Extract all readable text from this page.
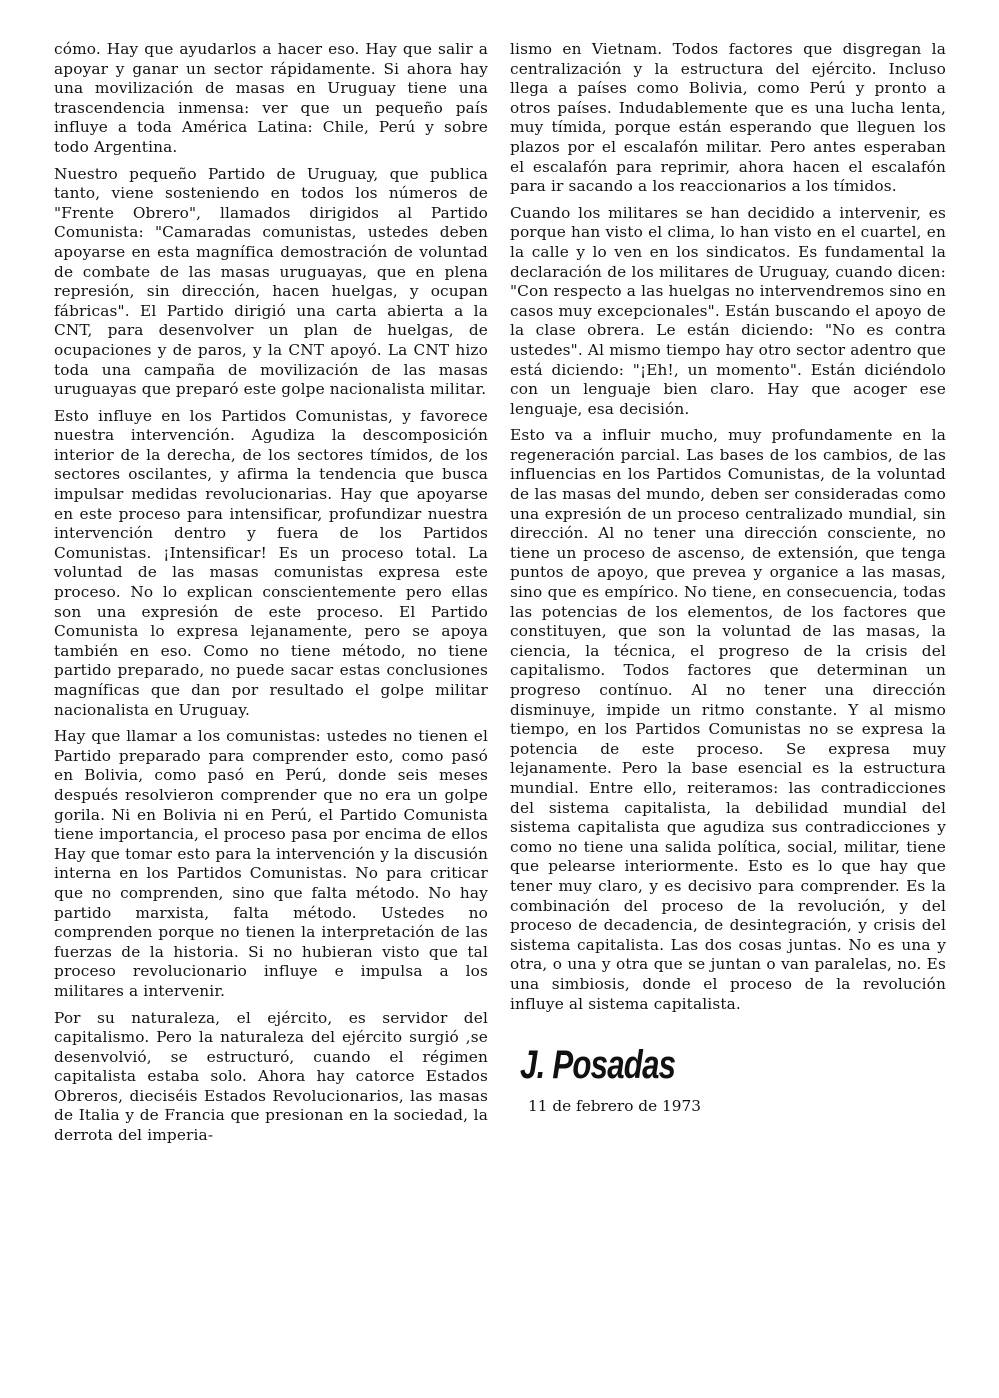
cómo. Hay que ayudarlos a hacer eso. Hay que salir a apoyar y ganar un sector rápidamente. Si ahora hay una movilización de masas en Uruguay tiene una trascendencia inmensa: ver que un pequeño país influye a toda América Latina: Chile, Perú y sobre todo Argentina.

Nuestro pequeño Partido de Uruguay, que publica tanto, viene sosteniendo en todos los números de "Frente Obrero", llamados dirigidos al Partido Comunista: "Camaradas comunistas, ustedes deben apoyarse en esta magnífica demostración de voluntad de combate de las masas uruguayas, que en plena represión, sin dirección, hacen huelgas, y ocupan fábricas". El Partido dirigió una carta abierta a la CNT, para desenvolver un plan de huelgas, de ocupaciones y de paros, y la CNT apoyó. La CNT hizo toda una campaña de movilización de las masas uruguayas que preparó este golpe nacionalista militar.

Esto influye en los Partidos Comunistas, y favorece nuestra intervención. Agudiza la descomposición interior de la derecha, de los sectores tímidos, de los sectores oscilantes, y afirma la tendencia que busca impulsar medidas revolucionarias. Hay que apoyarse en este proceso para intensificar, profundizar nuestra intervención dentro y fuera de los Partidos Comunistas. ¡Intensificar! Es un proceso total. La voluntad de las masas comunistas expresa este proceso. No lo explican conscientemente pero ellas son una expresión de este proceso. El Partido Comunista lo expresa lejanamente, pero se apoya también en eso. Como no tiene método, no tiene partido preparado, no puede sacar estas conclusiones magníficas que dan por resultado el golpe militar nacionalista en Uruguay.

Hay que llamar a los comunistas: ustedes no tienen el Partido preparado para comprender esto, como pasó en Bolivia, como pasó en Perú, donde seis meses después resolvieron comprender que no era un golpe gorila. Ni en Bolivia ni en Perú, el Partido Comunista tiene importancia, el proceso pasa por encima de ellos Hay que tomar esto para la intervención y la discusión interna en los Partidos Comunistas. No para criticar que no comprenden, sino que falta método. No hay partido marxista, falta método. Ustedes no comprenden porque no tienen la interpretación de las fuerzas de la historia. Si no hubieran visto que tal proceso revolucionario influye e impulsa a los militares a intervenir.

Por su naturaleza, el ejército, es servidor del capitalismo. Pero la naturaleza del ejército surgió ,se desenvolvió, se estructuró, cuando el régimen capitalista estaba solo. Ahora hay catorce Estados Obreros, dieciséis Estados Revolucionarios, las masas de Italia y de Francia que presionan en la sociedad, la derrota del imperia-

lismo en Vietnam. Todos factores que disgregan la centralización y la estructura del ejército. Incluso llega a países como Bolivia, como Perú y pronto a otros países. Indudablemente que es una lucha lenta, muy tímida, porque están esperando que lleguen los plazos por el escalafón militar. Pero antes esperaban el escalafón para reprimir, ahora hacen el escalafón para ir sacando a los reaccionarios a los tímidos.

Cuando los militares se han decidido a intervenir, es porque han visto el clima, lo han visto en el cuartel, en la calle y lo ven en los sindicatos. Es fundamental la declaración de los militares de Uruguay, cuando dicen: "Con respecto a las huelgas no intervendremos sino en casos muy excepcionales". Están buscando el apoyo de la clase obrera. Le están diciendo: "No es contra ustedes". Al mismo tiempo hay otro sector adentro que está diciendo: "¡Eh!, un momento". Están diciéndolo con un lenguaje bien claro. Hay que acoger ese lenguaje, esa decisión.

Esto va a influir mucho, muy profundamente en la regeneración parcial. Las bases de los cambios, de las influencias en los Partidos Comunistas, de la voluntad de las masas del mundo, deben ser consideradas como una expresión de un proceso centralizado mundial, sin dirección. Al no tener una dirección consciente, no tiene un proceso de ascenso, de extensión, que tenga puntos de apoyo, que prevea y organice a las masas, sino que es empírico. No tiene, en consecuencia, todas las potencias de los elementos, de los factores que constituyen, que son la voluntad de las masas, la ciencia, la técnica, el progreso de la crisis del capitalismo. Todos factores que determinan un progreso contínuo. Al no tener una dirección disminuye, impide un ritmo constante. Y al mismo tiempo, en los Partidos Comunistas no se expresa la potencia de este proceso. Se expresa muy lejanamente. Pero la base esencial es la estructura mundial. Entre ello, reiteramos: las contradicciones del sistema capitalista, la debilidad mundial del sistema capitalista que agudiza sus contradicciones y como no tiene una salida política, social, militar, tiene que pelearse interiormente. Esto es lo que hay que tener muy claro, y es decisivo para comprender. Es la combinación del proceso de la revolución, y del proceso de decadencia, de desintegración, y crisis del sistema capitalista. Las dos cosas juntas. No es una y otra, o una y otra que se juntan o van paralelas, no. Es una simbiosis, donde el proceso de la revolución influye al sistema capitalista.

J. Posadas
11 de febrero de 1973
